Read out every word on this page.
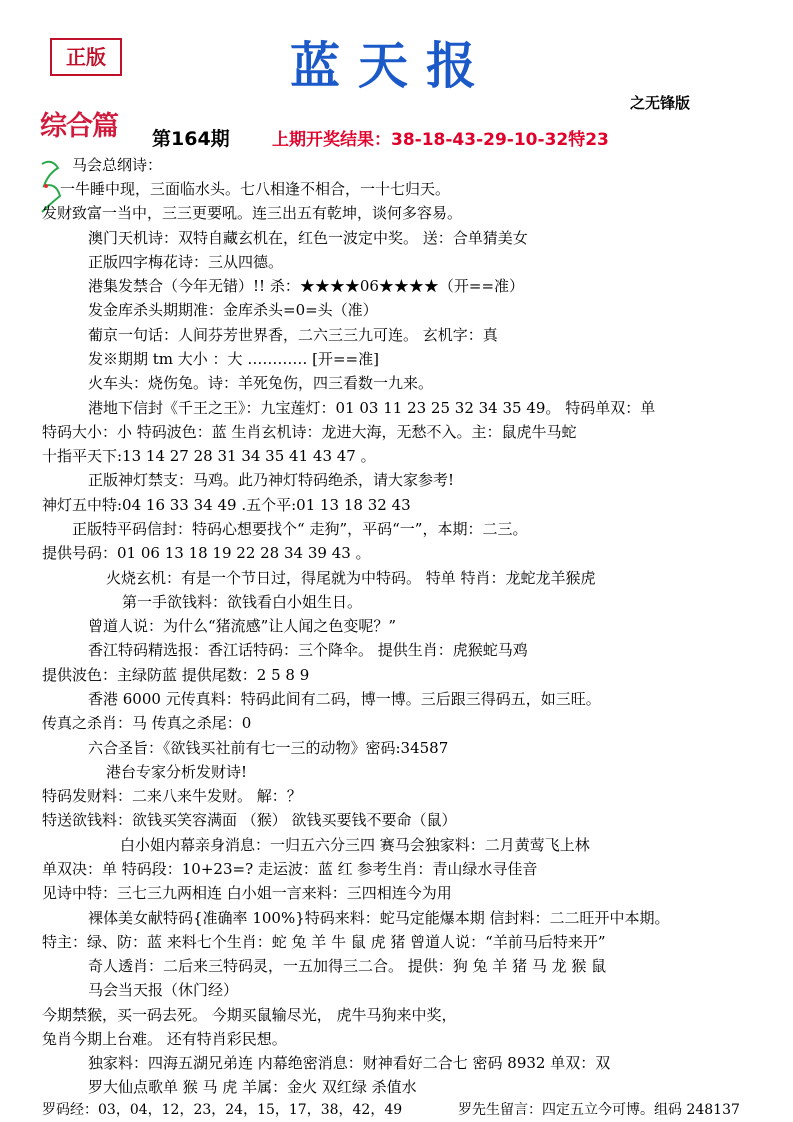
正版	蓝天报
之无锋版
综合篇 第164期 上期开奖结果：38-18-43-29-10-32特23
马会总纲诗：
一牛睡中现，三面临水头。七八相逢不相合，一十七归天。
发财致富一当中，三三更要吼。连三出五有乾坤，谈何多容易。
澳门天机诗：双特自藏玄机在，红色一波定中奖。 送：合单猜美女
正版四字梅花诗：三从四德。
港集发禁合（今年无错）!! 杀：★★★★06★★★★（开==准）
发金库杀头期期准：金库杀头=0=头（准）
葡京一句话：人间芬芳世界香，二六三三九可连。 玄机字：真
发※期期 tm 大小 ：大 ………… [开==准]
火车头：烧伤兔。诗：羊死兔伤，四三看数一九来。
港地下信封《千王之王》：九宝莲灯：01 03 11 23 25 32 34 35 49。 特码单双：单
特码大小：小 特码波色：蓝 生肖玄机诗：龙进大海，无愁不入。主：鼠虎牛马蛇
十指平天下:13 14 27 28 31 34 35 41 43 47 。
正版神灯禁支：马鸡。此乃神灯特码绝杀，请大家参考!
神灯五中特:04 16 33 34 49 .五个平:01 13 18 32 43
正版特平码信封：特码心想要找个“ 走狗”，平码“一”，本期：二三。
提供号码：01 06 13 18 19 22 28 34 39 43 。
火烧玄机：有是一个节日过，得尾就为中特码。 特单 特肖：龙蛇龙羊猴虎
第一手欲钱料：欲钱看白小姐生日。
曾道人说：为什么“猪流感”让人闻之色变呢？”
香江特码精选报：香江话特码：三个降伞。 提供生肖：虎猴蛇马鸡
提供波色：主绿防蓝 提供尾数：2 5 8 9
香港 6000 元传真料：特码此间有二码，博一博。三后跟三得码五，如三旺。
传真之杀肖：马 传真之杀尾：0
六合圣旨：《欲钱买社前有七一三的动物》密码:34587
港台专家分析发财诗!
特码发财料：二来八来牛发财。 解：？
特送欲钱料：欲钱买笑容满面 （猴） 欲钱买要钱不要命（鼠）
白小姐内幕亲身消息：一归五六分三四 赛马会独家料：二月黄莺飞上林
单双决：单 特码段：10+23=? 走运波：蓝 红 参考生肖：青山绿水寻佳音
见诗中特：三七三九两相连 白小姐一言来料：三四相连今为用
裸体美女献特码{准确率 100%}特码来料：蛇马定能爆本期 信封料：二二旺开中本期。
特主：绿、防：蓝 来料七个生肖：蛇 兔 羊 牛 鼠 虎 猪 曾道人说：“羊前马后特来开”
奇人透肖：二后来三特码灵，一五加得三二合。 提供：狗 兔 羊 猪 马 龙 猴 鼠
马会当天报（休门经）
今期禁猴，买一码去死。 今期买鼠输尽光， 虎牛马狗来中奖，
兔肖今期上台难。 还有特肖彩民想。
独家料：四海五湖兄弟连 内幕绝密消息：财神看好二合七 密码 8932 单双：双
罗大仙点歌单 猴 马 虎 羊属：金火 双红绿 杀值水
罗码经：03，04，12，23，24，15，17，38，42，49	罗先生留言：四定五立今可博。组码 248137
